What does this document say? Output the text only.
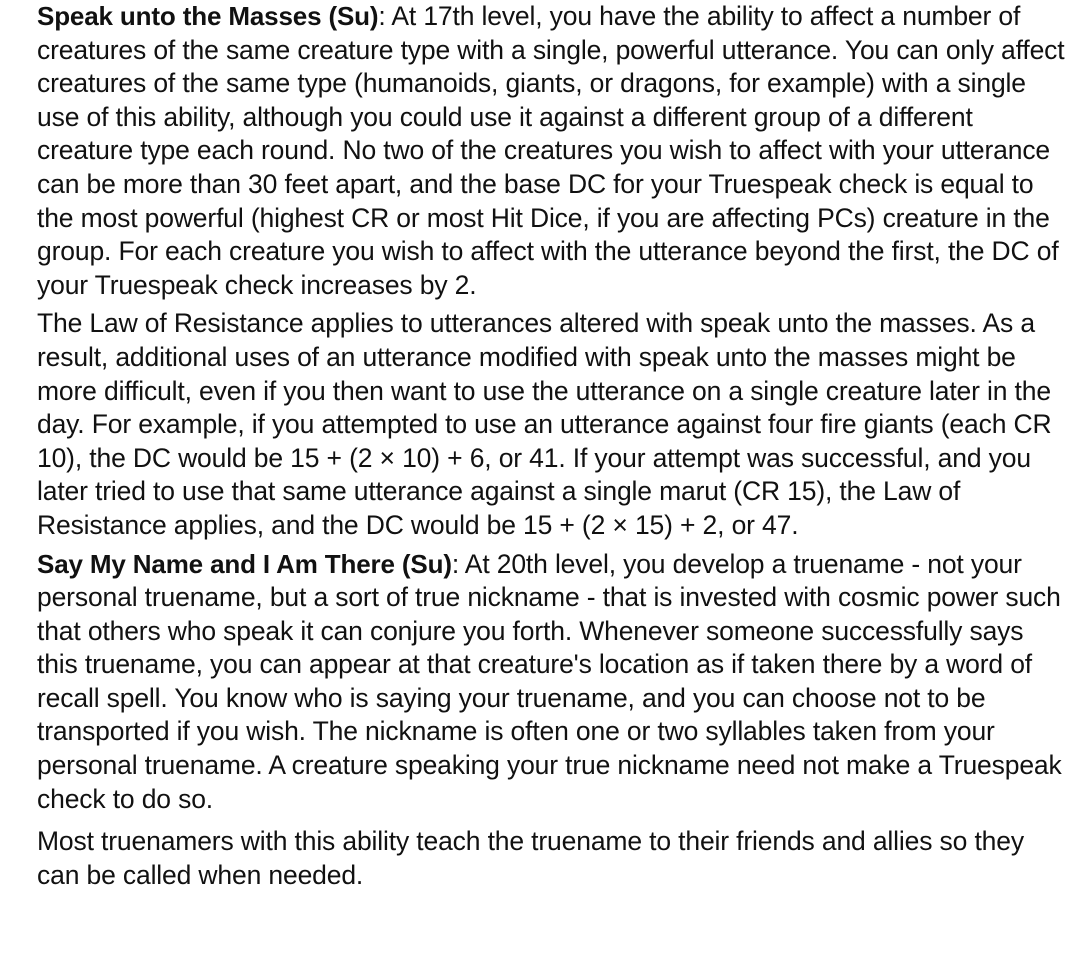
Speak unto the Masses (Su): At 17th level, you have the ability to affect a number of creatures of the same creature type with a single, powerful utterance. You can only affect creatures of the same type (humanoids, giants, or dragons, for example) with a single use of this ability, although you could use it against a different group of a different creature type each round. No two of the creatures you wish to affect with your utterance can be more than 30 feet apart, and the base DC for your Truespeak check is equal to the most powerful (highest CR or most Hit Dice, if you are affecting PCs) creature in the group. For each creature you wish to affect with the utterance beyond the first, the DC of your Truespeak check increases by 2.

The Law of Resistance applies to utterances altered with speak unto the masses. As a result, additional uses of an utterance modified with speak unto the masses might be more difficult, even if you then want to use the utterance on a single creature later in the day. For example, if you attempted to use an utterance against four fire giants (each CR 10), the DC would be 15 + (2 × 10) + 6, or 41. If your attempt was successful, and you later tried to use that same utterance against a single marut (CR 15), the Law of Resistance applies, and the DC would be 15 + (2 × 15) + 2, or 47.

Say My Name and I Am There (Su): At 20th level, you develop a truename - not your personal truename, but a sort of true nickname - that is invested with cosmic power such that others who speak it can conjure you forth. Whenever someone successfully says this truename, you can appear at that creature's location as if taken there by a word of recall spell. You know who is saying your truename, and you can choose not to be transported if you wish. The nickname is often one or two syllables taken from your personal truename. A creature speaking your true nickname need not make a Truespeak check to do so.

Most truenamers with this ability teach the truename to their friends and allies so they can be called when needed.
